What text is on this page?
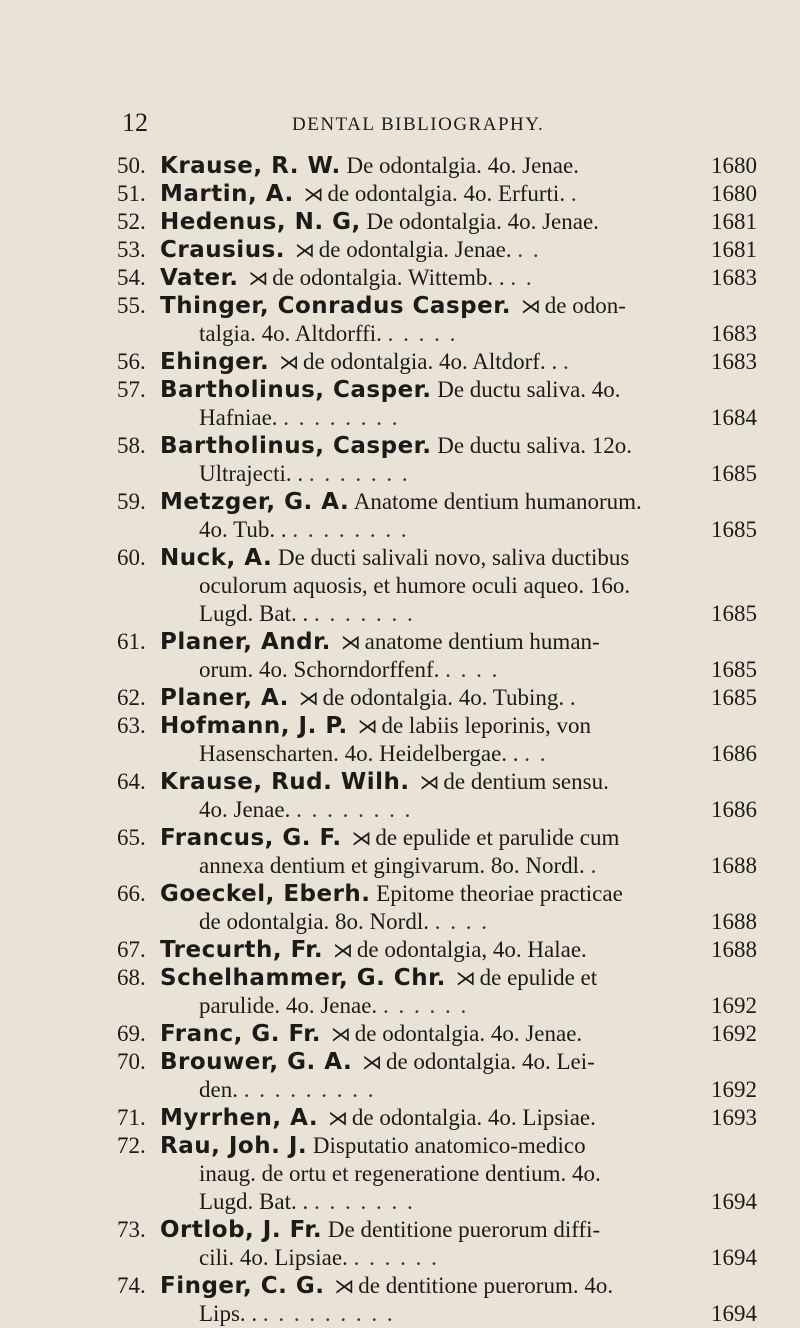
12	DENTAL BIBLIOGRAPHY.
50. Krause, R. W. De odontalgia. 4o. Jenae.	1680
51. Martin, A. ⋊ de odontalgia. 4o. Erfurti. .	1680
52. Hedenus, N. G, De odontalgia. 4o. Jenae.	1681
53. Crausius. ⋊ de odontalgia. Jenae. . .	1681
54. Vater. ⋊ de odontalgia. Wittemb. . . .	1683
55. Thinger, Conradus Casper. ⋊ de odon-
talgia. 4o. Altdorffi. . . . . .	1683
56. Ehinger. ⋊ de odontalgia. 4o. Altdorf. . .	1683
57. Bartholinus, Casper. De ductu saliva. 4o.
Hafniae. . . . . . . . .	1684
58. Bartholinus, Casper. De ductu saliva. 12o.
Ultrajecti. . . . . . . . .	1685
59. Metzger, G. A. Anatome dentium humanorum.
4o. Tub. . . . . . . . . .	1685
60. Nuck, A. De ducti salivali novo, saliva ductibus
oculorum aquosis, et humore oculi aqueo. 16o.
Lugd. Bat. . . . . . . . .	1685
61. Planer, Andr. ⋊ anatome dentium human-
orum. 4o. Schorndorffenf. . . . .	1685
62. Planer, A. ⋊ de odontalgia. 4o. Tubing. .	1685
63. Hofmann, J. P. ⋊ de labiis leporinis, von
Hasenscharten. 4o. Heidelbergae. . . .	1686
64. Krause, Rud. Wilh. ⋊ de dentium sensu.
4o. Jenae. . . . . . . . .	1686
65. Francus, G. F. ⋊ de epulide et parulide cum
annexa dentium et gingivarum. 8o. Nordl. .	1688
66. Goeckel, Eberh. Epitome theoriae practicae
de odontalgia. 8o. Nordl. . . . .	1688
67. Trecurth, Fr. ⋊ de odontalgia, 4o. Halae.	1688
68. Schelhammer, G. Chr. ⋊ de epulide et
parulide. 4o. Jenae. . . . . . .	1692
69. Franc, G. Fr. ⋊ de odontalgia. 4o. Jenae.	1692
70. Brouwer, G. A. ⋊ de odontalgia. 4o. Lei-
den. . . . . . . . . .	1692
71. Myrrhen, A. ⋊ de odontalgia. 4o. Lipsiae.	1693
72. Rau, Joh. J. Disputatio anatomico-medico
inaug. de ortu et regeneratione dentium. 4o.
Lugd. Bat. . . . . . . . .	1694
73. Ortlob, J. Fr. De dentitione puerorum diffi-
cili. 4o. Lipsiae. . . . . . .	1694
74. Finger, C. G. ⋊ de dentitione puerorum. 4o.
Lips. . . . . . . . . . .	1694
